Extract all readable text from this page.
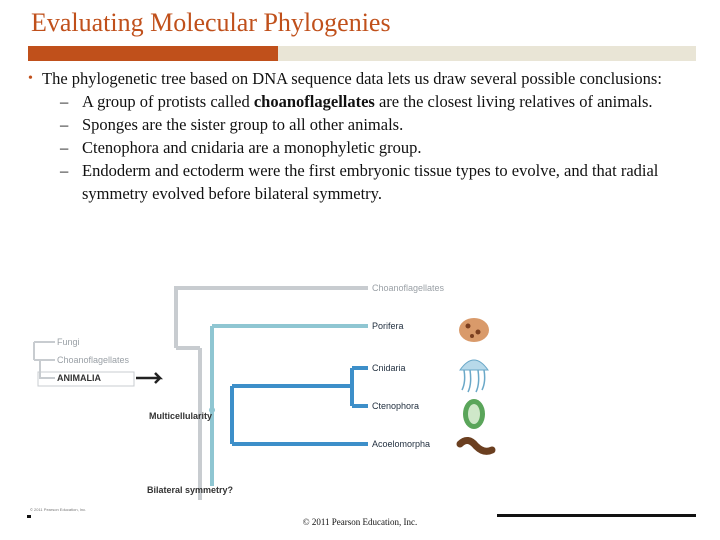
Evaluating Molecular Phylogenies
• The phylogenetic tree based on DNA sequence data lets us draw several possible conclusions:
– A group of protists called choanoflagellates are the closest living relatives of animals.
– Sponges are the sister group to all other animals.
– Ctenophora and cnidaria are a monophyletic group.
– Endoderm and ectoderm were the first embryonic tissue types to evolve, and that radial symmetry evolved before bilateral symmetry.
Fungi
Choanoflagellates
ANIMALIA
Choanoflagellates
Porifera
Cnidaria
Ctenophora
Acoelomorpha
Multicellularity
Bilateral symmetry?
© 2011 Pearson Education, Inc.
© 2011 Pearson Education, Inc.
